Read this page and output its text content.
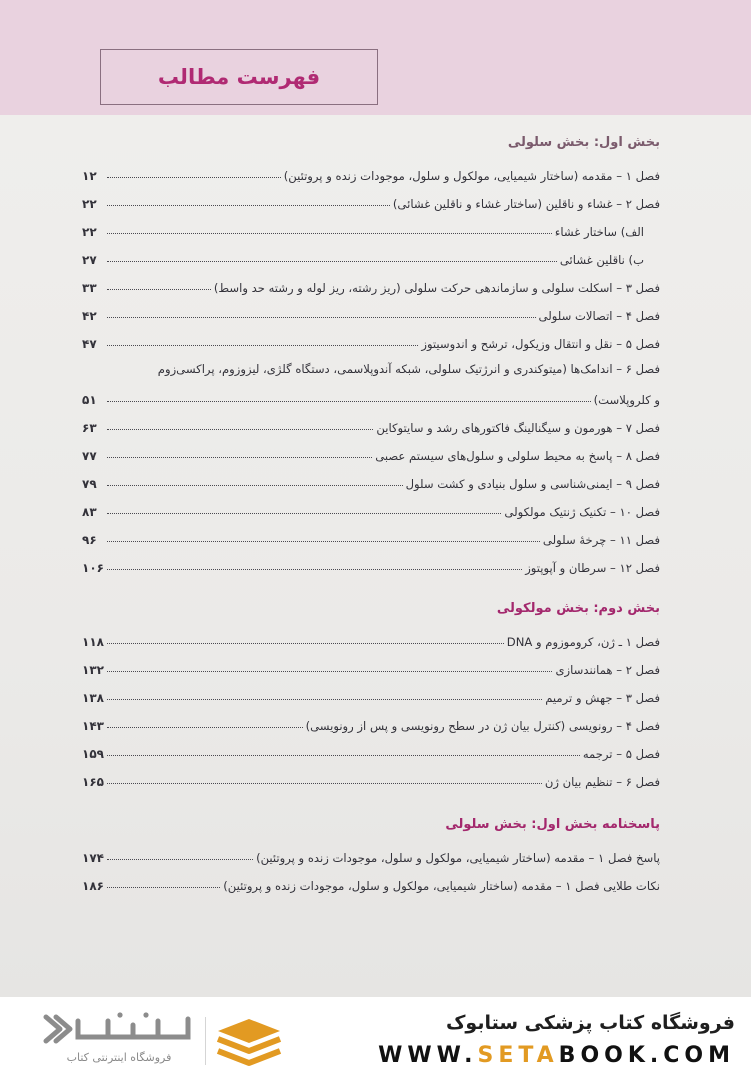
فهرست مطالب
بخش اول: بخش سلولی
فصل ۱ – مقدمه (ساختار شیمیایی، مولکول و سلول، موجودات زنده و پروتئین)
۱۲
فصل ۲ – غشاء و ناقلین (ساختار غشاء و ناقلین غشائی)
۲۲
الف) ساختار غشاء
۲۲
ب) ناقلین غشائی
۲۷
فصل ۳ – اسکلت سلولی و سازماندهی حرکت سلولی (ریز رشته، ریز لوله و رشته حد واسط)
۳۳
فصل ۴ – اتصالات سلولی
۴۲
فصل ۵ – نقل و انتقال وزیکول، ترشح و اندوسیتوز
۴۷
فصل ۶ – اندامک‌ها (میتوکندری و انرژتیک سلولی، شبکه آندوپلاسمی، دستگاه گلژی، لیزوزوم، پراکسی‌زوم
و کلروپلاست)
۵۱
فصل ۷ – هورمون و سیگنالینگ فاکتورهای رشد و سایتوکاین
۶۳
فصل ۸ – پاسخ به محیط سلولی و سلول‌های سیستم عصبی
۷۷
فصل ۹ – ایمنی‌شناسی و سلول بنیادی و کشت سلول
۷۹
فصل ۱۰ – تکنیک ژنتیک مولکولی
۸۳
فصل ۱۱ – چرخهٔ سلولی
۹۶
فصل ۱۲ – سرطان و آپوپتوز
۱۰۶
بخش دوم: بخش مولکولی
فصل ۱ ـ ژن، کروموزوم و DNA
۱۱۸
فصل ۲ – همانندسازی
۱۳۲
فصل ۳ – جهش و ترمیم
۱۳۸
فصل ۴ – رونویسی (کنترل بیان ژن در سطح رونویسی و پس از رونویسی)
۱۴۳
فصل ۵ – ترجمه
۱۵۹
فصل ۶ – تنظیم بیان ژن
۱۶۵
پاسخنامه بخش اول: بخش سلولی
پاسخ فصل ۱ – مقدمه (ساختار شیمیایی، مولکول و سلول، موجودات زنده و پروتئین)
۱۷۴
نکات طلایی فصل ۱ – مقدمه (ساختار شیمیایی، مولکول و سلول، موجودات زنده و پروتئین)
۱۸۶
فروشگاه کتاب پزشکی ستابوک
WWW.SETABOOK.COM
فروشگاه اینترنتی کتاب
